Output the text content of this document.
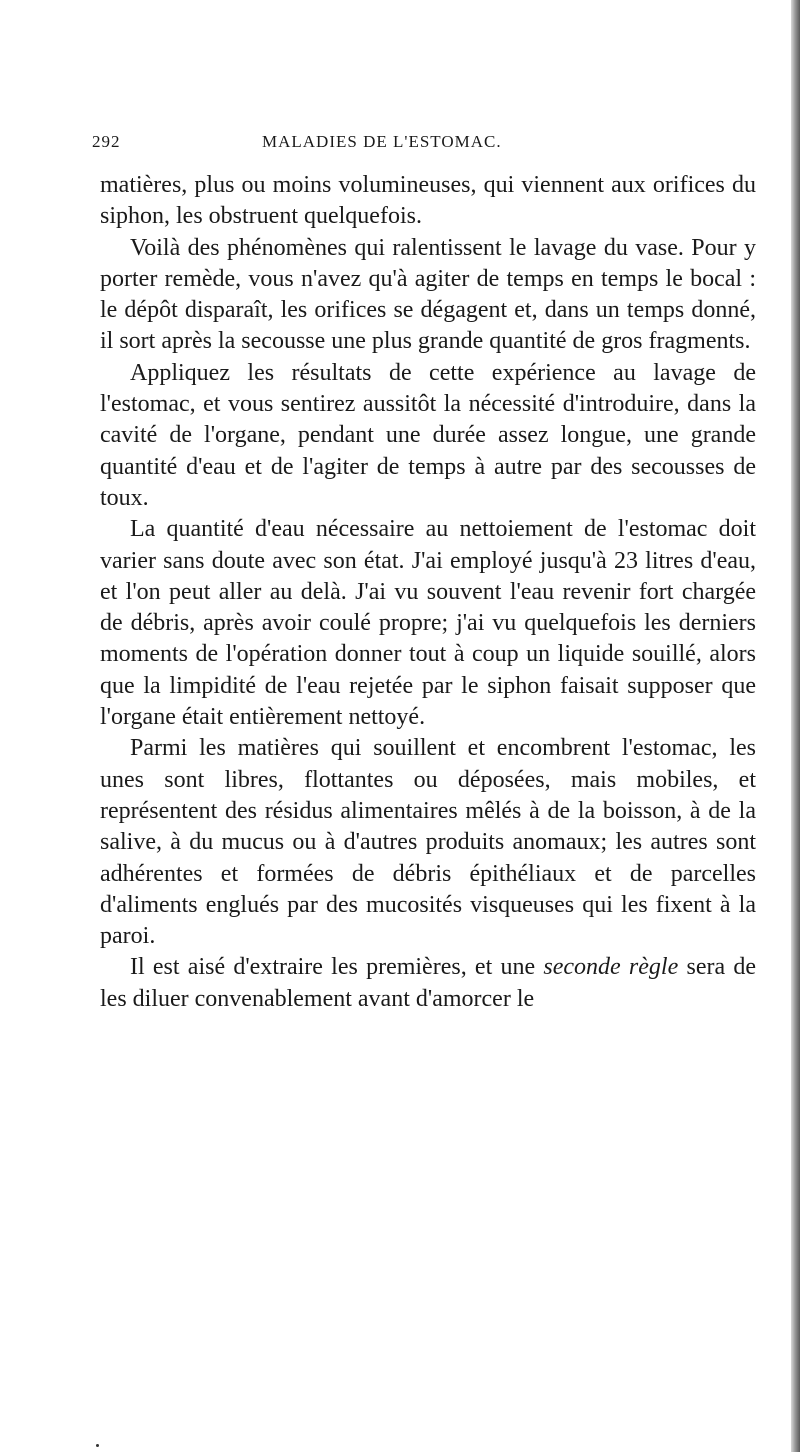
292	MALADIES DE L'ESTOMAC.

matières, plus ou moins volumineuses, qui viennent aux orifices du siphon, les obstruent quelquefois.

Voilà des phénomènes qui ralentissent le lavage du vase. Pour y porter remède, vous n'avez qu'à agiter de temps en temps le bocal : le dépôt disparaît, les orifices se dégagent et, dans un temps donné, il sort après la secousse une plus grande quantité de gros fragments.

Appliquez les résultats de cette expérience au lavage de l'estomac, et vous sentirez aussitôt la nécessité d'introduire, dans la cavité de l'organe, pendant une durée assez longue, une grande quantité d'eau et de l'agiter de temps à autre par des secousses de toux.

La quantité d'eau nécessaire au nettoiement de l'estomac doit varier sans doute avec son état. J'ai employé jusqu'à 23 litres d'eau, et l'on peut aller au delà. J'ai vu souvent l'eau revenir fort chargée de débris, après avoir coulé propre; j'ai vu quelquefois les derniers moments de l'opération donner tout à coup un liquide souillé, alors que la limpidité de l'eau rejetée par le siphon faisait supposer que l'organe était entièrement nettoyé.

Parmi les matières qui souillent et encombrent l'estomac, les unes sont libres, flottantes ou déposées, mais mobiles, et représentent des résidus alimentaires mêlés à de la boisson, à de la salive, à du mucus ou à d'autres produits anomaux; les autres sont adhérentes et formées de débris épithéliaux et de parcelles d'aliments englués par des mucosités visqueuses qui les fixent à la paroi.

Il est aisé d'extraire les premières, et une seconde règle sera de les diluer convenablement avant d'amorcer le
